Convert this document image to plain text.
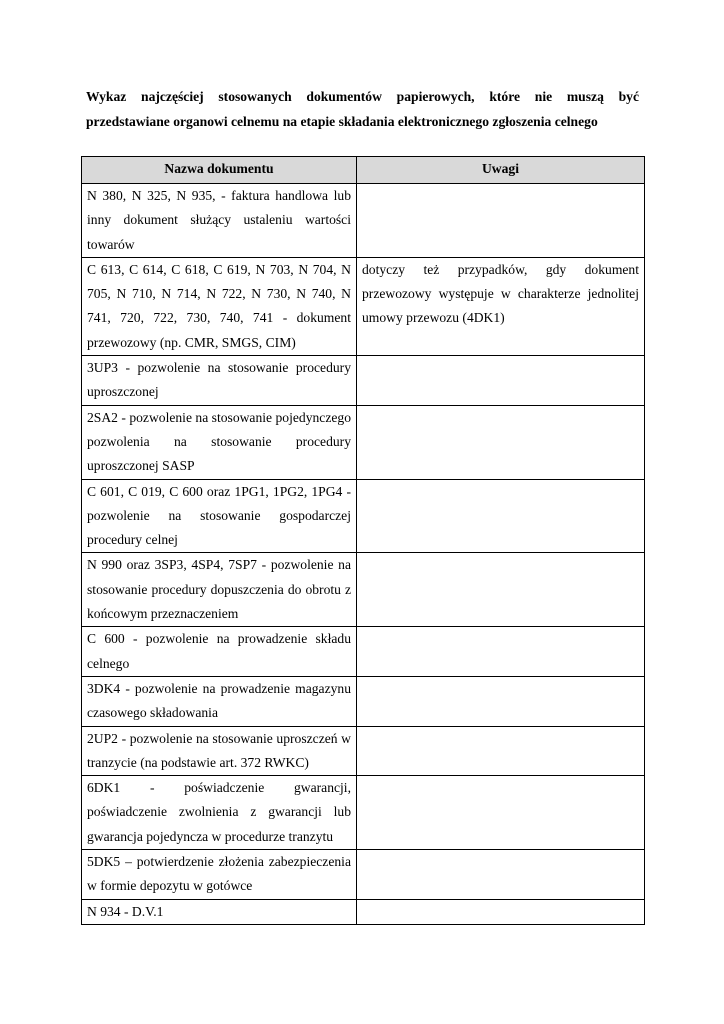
Wykaz najczęściej stosowanych dokumentów papierowych, które nie muszą być
przedstawiane organowi celnemu na etapie składania elektronicznego zgłoszenia celnego
Nazwa dokumentu	Uwagi
N 380, N 325, N 935, - faktura handlowa lub inny dokument służący ustaleniu wartości towarów	
C 613, C 614, C 618, C 619, N 703, N 704, N 705, N 710, N 714, N 722, N 730, N 740, N 741, 720, 722, 730, 740, 741 - dokument przewozowy (np. CMR, SMGS, CIM)	dotyczy też przypadków, gdy dokument przewozowy występuje w charakterze jednolitej umowy przewozu (4DK1)
3UP3 - pozwolenie na stosowanie procedury uproszczonej	
2SA2 - pozwolenie na stosowanie pojedynczego pozwolenia na stosowanie procedury uproszczonej SASP	
C 601, C 019, C 600 oraz 1PG1, 1PG2, 1PG4 - pozwolenie na stosowanie gospodarczej procedury celnej	
N 990 oraz 3SP3, 4SP4, 7SP7 - pozwolenie na stosowanie procedury dopuszczenia do obrotu z końcowym przeznaczeniem	
C 600 - pozwolenie na prowadzenie składu celnego	
3DK4 - pozwolenie na prowadzenie magazynu czasowego składowania	
2UP2 - pozwolenie na stosowanie uproszczeń w tranzycie (na podstawie art. 372 RWKC)	
6DK1 - poświadczenie gwarancji, poświadczenie zwolnienia z gwarancji lub gwarancja pojedyncza w procedurze tranzytu	
5DK5 – potwierdzenie złożenia zabezpieczenia w formie depozytu w gotówce	
N 934 - D.V.1	
